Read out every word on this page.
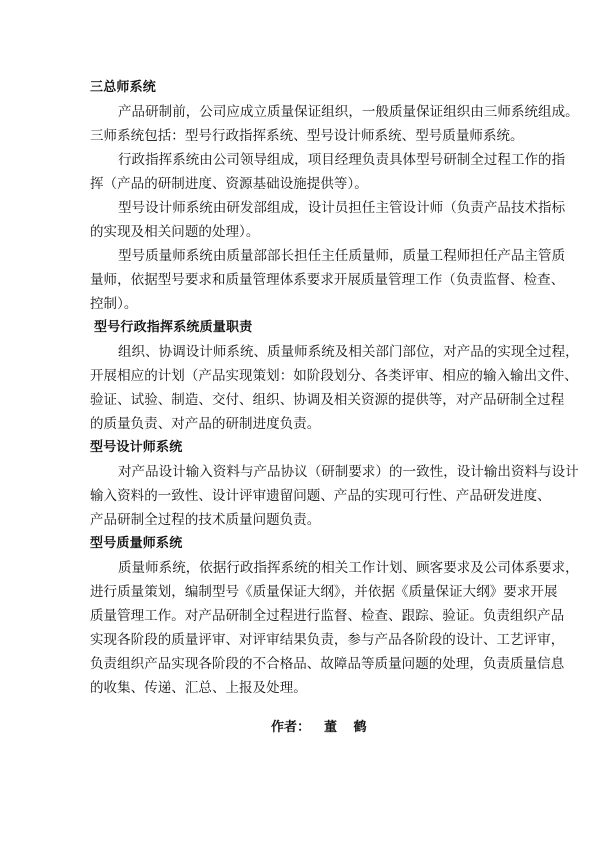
三总师系统
产品研制前，公司应成立质量保证组织，一般质量保证组织由三师系统组成。
三师系统包括：型号行政指挥系统、型号设计师系统、型号质量师系统。
行政指挥系统由公司领导组成，项目经理负责具体型号研制全过程工作的指
挥（产品的研制进度、资源基础设施提供等）。
型号设计师系统由研发部组成，设计员担任主管设计师（负责产品技术指标
的实现及相关问题的处理）。
型号质量师系统由质量部部长担任主任质量师，质量工程师担任产品主管质
量师，依据型号要求和质量管理体系要求开展质量管理工作（负责监督、检查、
控制）。
型号行政指挥系统质量职责
组织、协调设计师系统、质量师系统及相关部门部位，对产品的实现全过程，
开展相应的计划（产品实现策划：如阶段划分、各类评审、相应的输入输出文件、
验证、试验、制造、交付、组织、协调及相关资源的提供等，对产品研制全过程
的质量负责、对产品的研制进度负责。
型号设计师系统
对产品设计输入资料与产品协议（研制要求）的一致性，设计输出资料与设计
输入资料的一致性、设计评审遗留问题、产品的实现可行性、产品研发进度、
产品研制全过程的技术质量问题负责。
型号质量师系统
质量师系统，依据行政指挥系统的相关工作计划、顾客要求及公司体系要求，
进行质量策划，编制型号《质量保证大纲》，并依据《质量保证大纲》要求开展
质量管理工作。对产品研制全过程进行监督、检查、跟踪、验证。负责组织产品
实现各阶段的质量评审、对评审结果负责，参与产品各阶段的设计、工艺评审，
负责组织产品实现各阶段的不合格品、故障品等质量问题的处理，负责质量信息
的收集、传递、汇总、上报及处理。
作者： 董 鹤
